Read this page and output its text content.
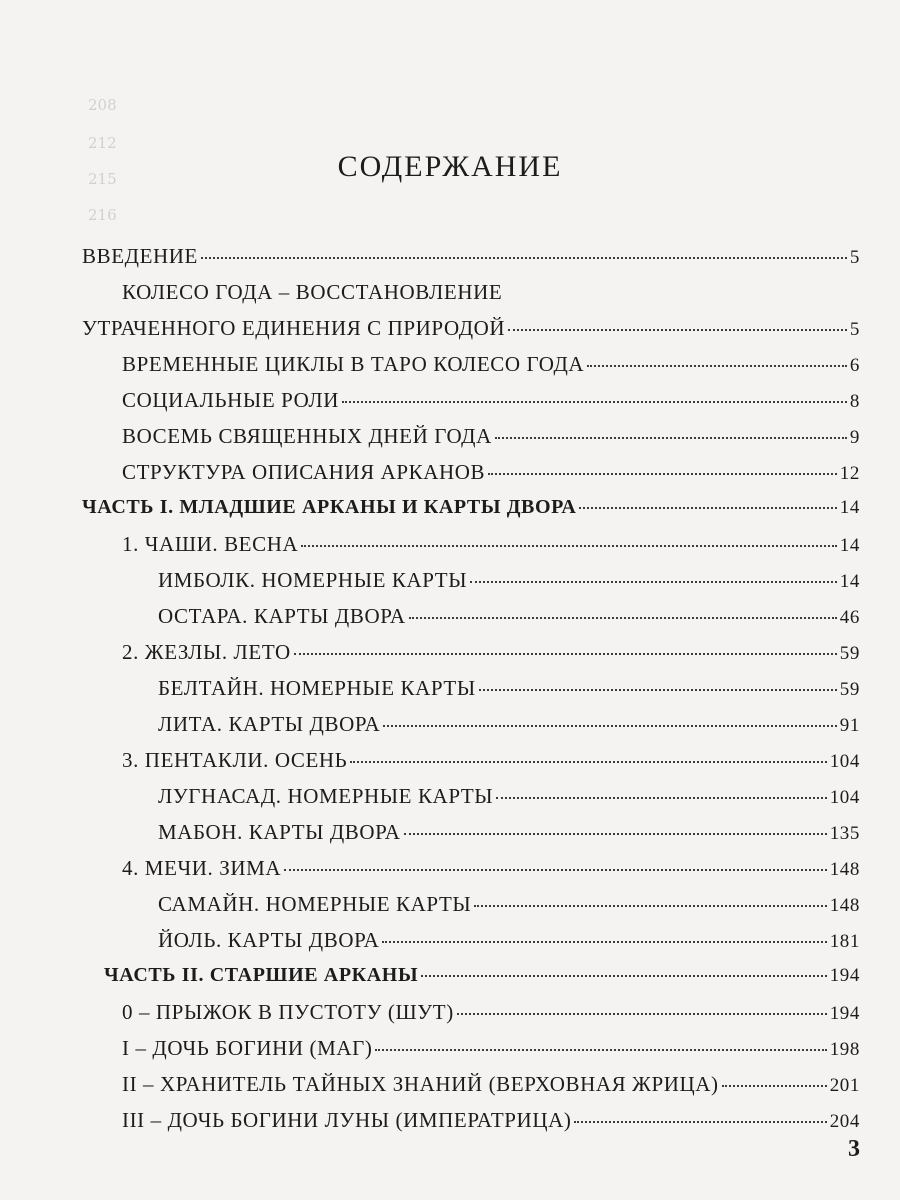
208
212
215
216
СОДЕРЖАНИЕ
ВВЕДЕНИЕ	5
КОЛЕСО ГОДА – ВОССТАНОВЛЕНИЕ
УТРАЧЕННОГО ЕДИНЕНИЯ С ПРИРОДОЙ	5
ВРЕМЕННЫЕ ЦИКЛЫ В ТАРО КОЛЕСО ГОДА	6
СОЦИАЛЬНЫЕ РОЛИ	8
ВОСЕМЬ СВЯЩЕННЫХ ДНЕЙ ГОДА	9
СТРУКТУРА ОПИСАНИЯ АРКАНОВ	12
ЧАСТЬ I. МЛАДШИЕ АРКАНЫ И КАРТЫ ДВОРА	14
1. ЧАШИ. ВЕСНА	14
ИМБОЛК. НОМЕРНЫЕ КАРТЫ	14
ОСТАРА. КАРТЫ ДВОРА	46
2. ЖЕЗЛЫ. ЛЕТО	59
БЕЛТАЙН. НОМЕРНЫЕ КАРТЫ	59
ЛИТА. КАРТЫ ДВОРА	91
3. ПЕНТАКЛИ. ОСЕНЬ	104
ЛУГНАСАД. НОМЕРНЫЕ КАРТЫ	104
МАБОН. КАРТЫ ДВОРА	135
4. МЕЧИ. ЗИМА	148
САМАЙН. НОМЕРНЫЕ КАРТЫ	148
ЙОЛЬ. КАРТЫ ДВОРА	181
ЧАСТЬ II. СТАРШИЕ АРКАНЫ	194
0 – ПРЫЖОК В ПУСТОТУ (ШУТ)	194
I – ДОЧЬ БОГИНИ (МАГ)	198
II – ХРАНИТЕЛЬ ТАЙНЫХ ЗНАНИЙ (ВЕРХОВНАЯ ЖРИЦА)	201
III – ДОЧЬ БОГИНИ ЛУНЫ (ИМПЕРАТРИЦА)	204
3
